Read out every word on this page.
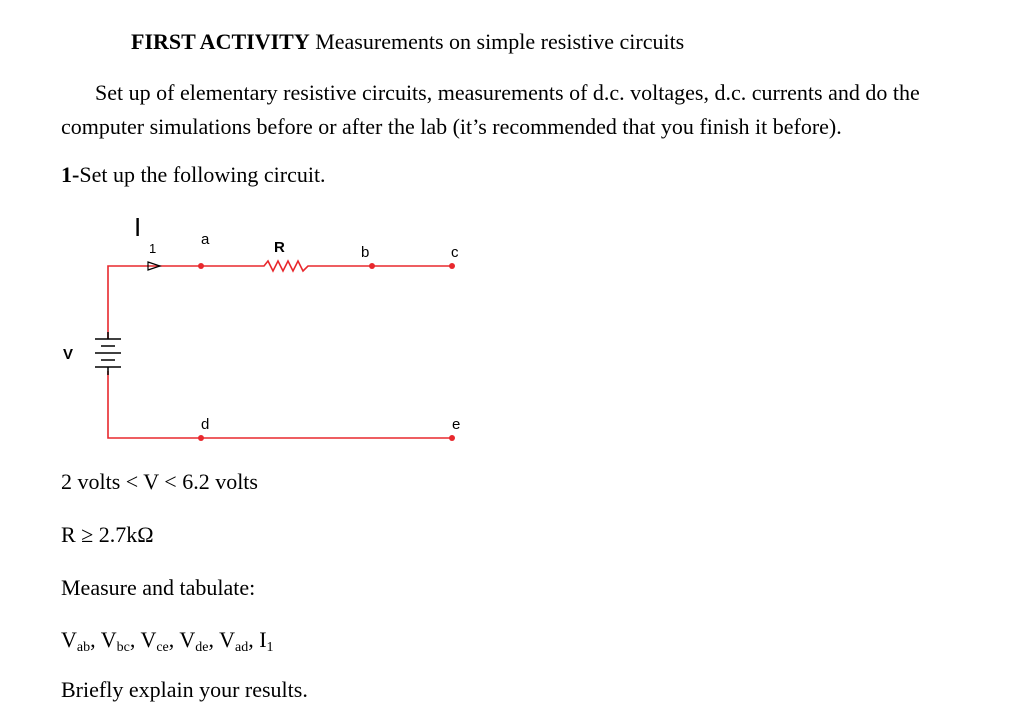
FIRST ACTIVITY Measurements on simple resistive circuits
Set up of elementary resistive circuits, measurements of d.c. voltages, d.c. currents and do the
computer simulations before or after the lab (it’s recommended that you finish it before).
1-Set up the following circuit.
I
1
a	R	b	c
V
d	e
2 volts < V < 6.2 volts
R ≥ 2.7kΩ
Measure and tabulate:
$V_{ab}$, $V_{bc}$, $V_{ce}$, $V_{de}$, $V_{ad}$, $I_1$
Briefly explain your results.
